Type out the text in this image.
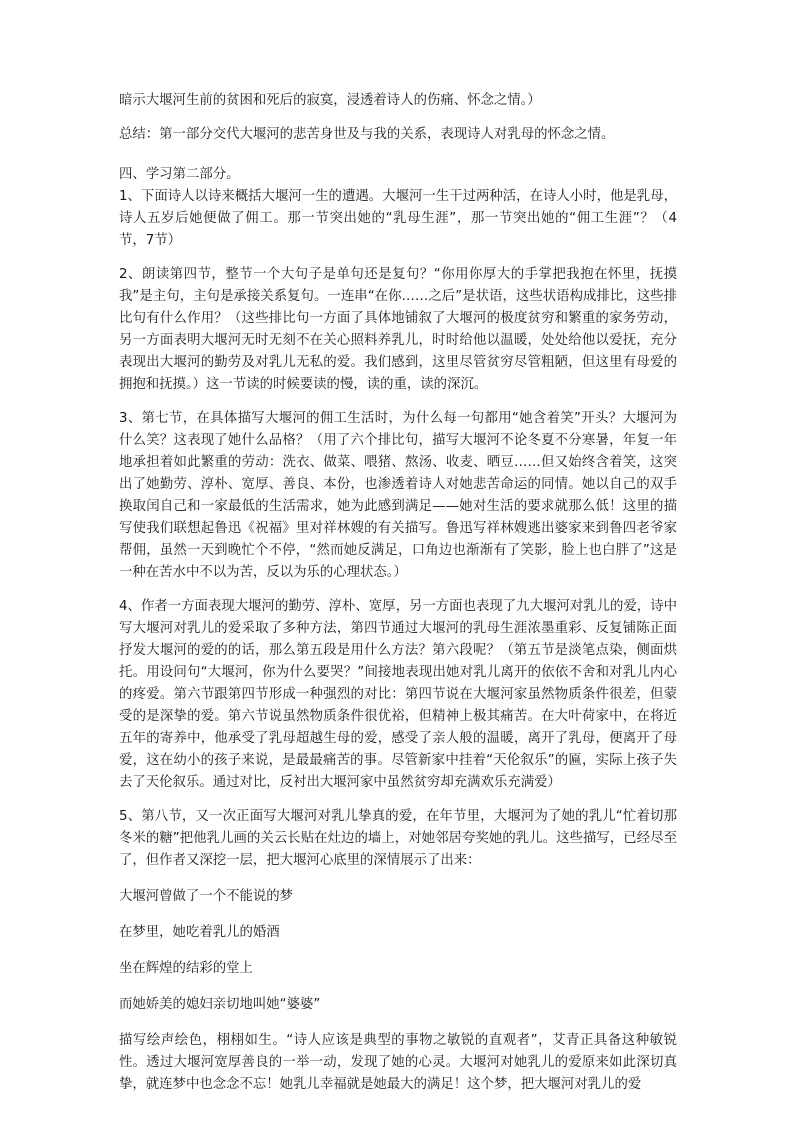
暗示大堰河生前的贫困和死后的寂寞，浸透着诗人的伤痛、怀念之情。）

总结：第一部分交代大堰河的悲苦身世及与我的关系，表现诗人对乳母的怀念之情。

四、学习第二部分。

1、下面诗人以诗来概括大堰河一生的遭遇。大堰河一生干过两种活，在诗人小时，他是乳母，诗人五岁后她便做了佣工。那一节突出她的“乳母生涯”，那一节突出她的“佣工生涯”？（4节，7节）

2、朗读第四节，整节一个大句子是单句还是复句？“你用你厚大的手掌把我抱在怀里，抚摸我”是主句，主句是承接关系复句。一连串“在你……之后”是状语，这些状语构成排比，这些排比句有什么作用？（这些排比句一方面了具体地铺叙了大堰河的极度贫穷和繁重的家务劳动，另一方面表明大堰河无时无刻不在关心照料养乳儿，时时给他以温暖，处处给他以爱抚，充分表现出大堰河的勤劳及对乳儿无私的爱。我们感到，这里尽管贫穷尽管粗陋，但这里有母爱的拥抱和抚摸。）这一节读的时候要读的慢，读的重，读的深沉。

3、第七节，在具体描写大堰河的佣工生活时，为什么每一句都用“她含着笑”开头？大堰河为什么笑？这表现了她什么品格？（用了六个排比句，描写大堰河不论冬夏不分寒暑，年复一年地承担着如此繁重的劳动：洗衣、做菜、喂猪、熬汤、收麦、晒豆……但又始终含着笑，这突出了她勤劳、淳朴、宽厚、善良、本份，也渗透着诗人对她悲苦命运的同情。她以自己的双手换取闰自己和一家最低的生活需求，她为此感到满足——她对生活的要求就那么低！这里的描写使我们联想起鲁迅《祝福》里对祥林嫂的有关描写。鲁迅写祥林嫂逃出婆家来到鲁四老爷家帮佣，虽然一天到晚忙个不停，“然而她反满足，口角边也渐渐有了笑影，脸上也白胖了”这是一种在苦水中不以为苦，反以为乐的心理状态。）

4、作者一方面表现大堰河的勤劳、淳朴、宽厚，另一方面也表现了九大堰河对乳儿的爱，诗中写大堰河对乳儿的爱采取了多种方法，第四节通过大堰河的乳母生涯浓墨重彩、反复铺陈正面抒发大堰河的爱的的话，那么第五段是用什么方法？第六段呢？（第五节是淡笔点染，侧面烘托。用设问句“大堰河，你为什么要哭？”间接地表现出她对乳儿离开的依依不舍和对乳儿内心的疼爱。第六节跟第四节形成一种强烈的对比：第四节说在大堰河家虽然物质条件很差，但蒙受的是深挚的爱。第六节说虽然物质条件很优裕，但精神上极其痛苦。在大叶荷家中，在将近五年的寄养中，他承受了乳母超越生母的爱，感受了亲人般的温暖，离开了乳母，便离开了母爱，这在幼小的孩子来说，是最最痛苦的事。尽管新家中挂着“天伦叙乐”的匾，实际上孩子失去了天伦叙乐。通过对比，反衬出大堰河家中虽然贫穷却充满欢乐充满爱）

5、第八节，又一次正面写大堰河对乳儿挚真的爱，在年节里，大堰河为了她的乳儿“忙着切那冬米的糖”把他乳儿画的关云长贴在灶边的墙上，对她邻居夸奖她的乳儿。这些描写，已经尽至了，但作者又深挖一层，把大堰河心底里的深情展示了出来：

大堰河曾做了一个不能说的梦

在梦里，她吃着乳儿的婚酒

坐在辉煌的结彩的堂上

而她娇美的媳妇亲切地叫她“婆婆”

描写绘声绘色，栩栩如生。“诗人应该是典型的事物之敏锐的直观者”，艾青正具备这种敏锐性。透过大堰河宽厚善良的一举一动，发现了她的心灵。大堰河对她乳儿的爱原来如此深切真挚，就连梦中也念念不忘！她乳儿幸福就是她最大的满足！这个梦，把大堰河对乳儿的爱
